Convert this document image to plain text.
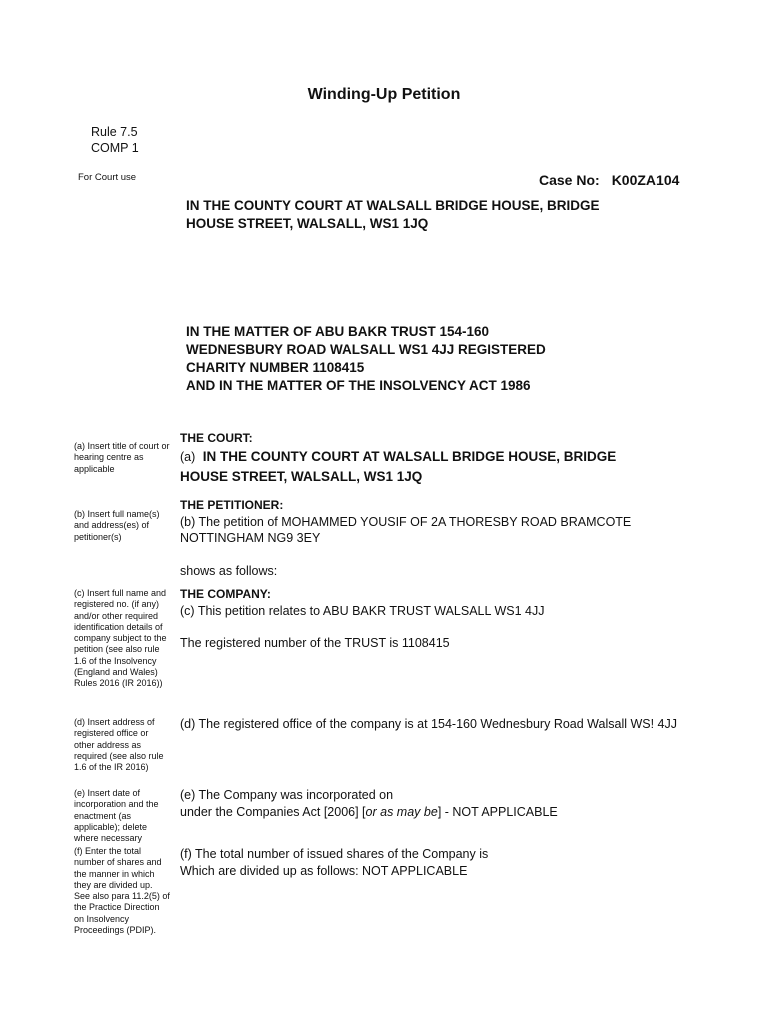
Winding-Up Petition
Rule 7.5
COMP 1
For Court use	Case No: K00ZA104
IN THE COUNTY COURT AT WALSALL BRIDGE HOUSE, BRIDGE HOUSE STREET, WALSALL, WS1 1JQ
IN THE MATTER OF ABU BAKR TRUST 154-160 WEDNESBURY ROAD WALSALL WS1 4JJ REGISTERED CHARITY NUMBER 1108415
AND IN THE MATTER OF THE INSOLVENCY ACT 1986
(a) Insert title of court or hearing centre as applicable
(b) Insert full name(s) and address(es) of petitioner(s)
(c) Insert full name and registered no. (if any) and/or other required identification details of company subject to the petition (see also rule 1.6 of the Insolvency (England and Wales) Rules 2016 (IR 2016))
(d) Insert address of registered office or other address as required (see also rule 1.6 of the IR 2016)
(e) Insert date of incorporation and the enactment (as applicable); delete where necessary
(f) Enter the total number of shares and the manner in which they are divided up. See also para 11.2(5) of the Practice Direction on Insolvency Proceedings (PDIP).
THE COURT:
(a) IN THE COUNTY COURT AT WALSALL BRIDGE HOUSE, BRIDGE HOUSE STREET, WALSALL, WS1 1JQ
THE PETITIONER:
(b) The petition of MOHAMMED YOUSIF OF 2A THORESBY ROAD BRAMCOTE NOTTINGHAM NG9 3EY
shows as follows:
THE COMPANY:
(c) This petition relates to ABU BAKR TRUST WALSALL WS1 4JJ
The registered number of the TRUST is 1108415
(d) The registered office of the company is at 154-160 Wednesbury Road Walsall WS! 4JJ
(e) The Company was incorporated on
under the Companies Act [2006] [or as may be] - NOT APPLICABLE
(f) The total number of issued shares of the Company is
Which are divided up as follows: NOT APPLICABLE
